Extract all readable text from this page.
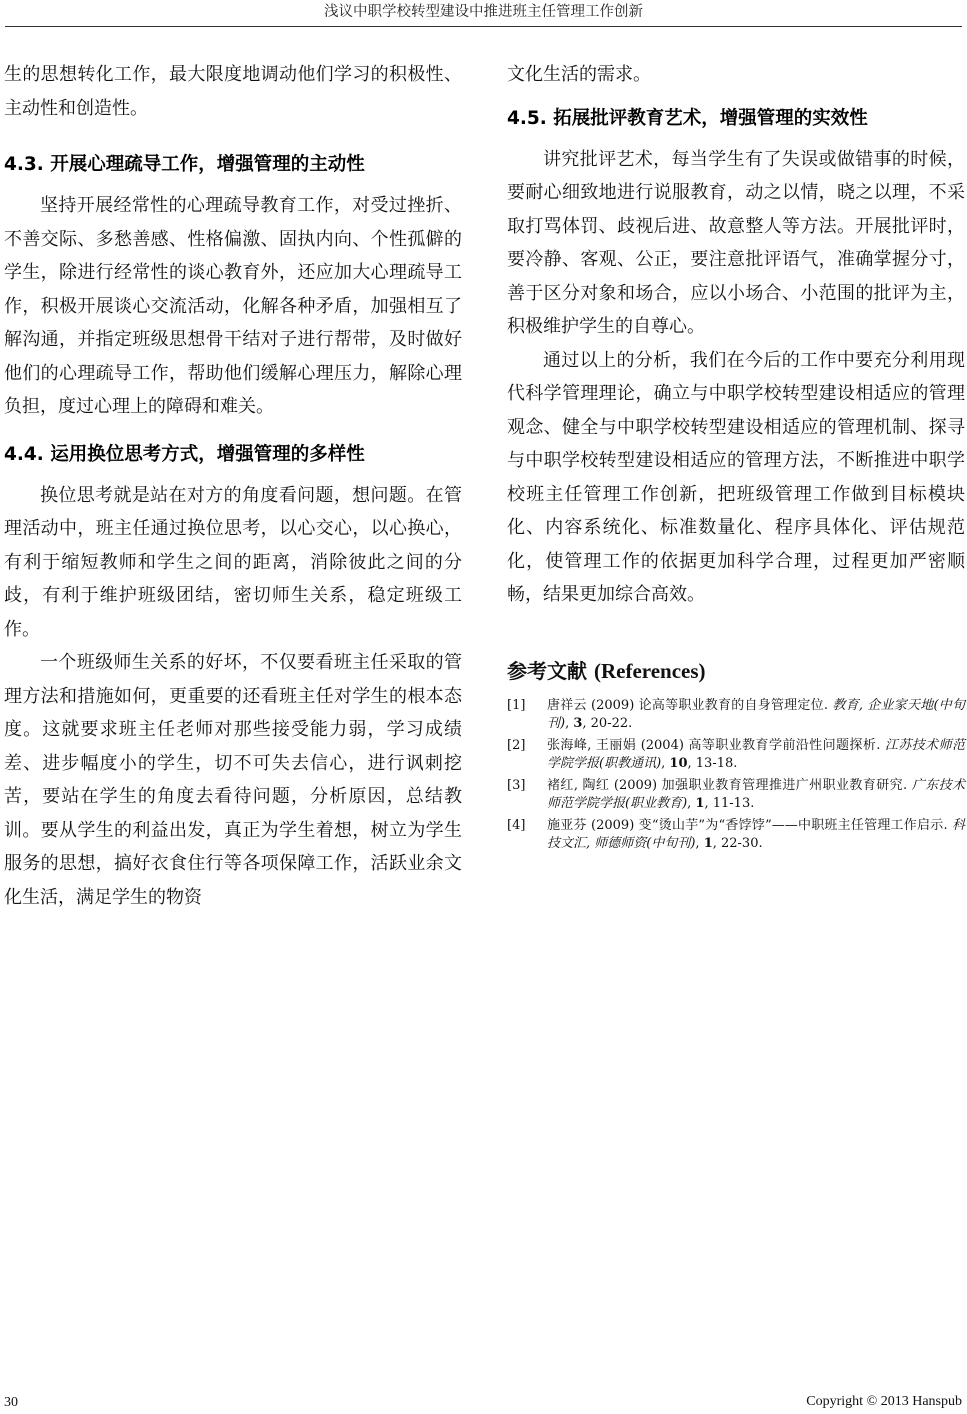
浅议中职学校转型建设中推进班主任管理工作创新

生的思想转化工作，最大限度地调动他们学习的积极性、主动性和创造性。

4.3. 开展心理疏导工作，增强管理的主动性

坚持开展经常性的心理疏导教育工作，对受过挫折、不善交际、多愁善感、性格偏激、固执内向、个性孤僻的学生，除进行经常性的谈心教育外，还应加大心理疏导工作，积极开展谈心交流活动，化解各种矛盾，加强相互了解沟通，并指定班级思想骨干结对子进行帮带，及时做好他们的心理疏导工作，帮助他们缓解心理压力，解除心理负担，度过心理上的障碍和难关。

4.4. 运用换位思考方式，增强管理的多样性

换位思考就是站在对方的角度看问题，想问题。在管理活动中，班主任通过换位思考，以心交心，以心换心，有利于缩短教师和学生之间的距离，消除彼此之间的分歧，有利于维护班级团结，密切师生关系，稳定班级工作。

一个班级师生关系的好坏，不仅要看班主任采取的管理方法和措施如何，更重要的还看班主任对学生的根本态度。这就要求班主任老师对那些接受能力弱，学习成绩差、进步幅度小的学生，切不可失去信心，进行讽刺挖苦，要站在学生的角度去看待问题，分析原因，总结教训。要从学生的利益出发，真正为学生着想，树立为学生服务的思想，搞好衣食住行等各项保障工作，活跃业余文化生活，满足学生的物资

文化生活的需求。

4.5. 拓展批评教育艺术，增强管理的实效性

讲究批评艺术，每当学生有了失误或做错事的时候，要耐心细致地进行说服教育，动之以情，晓之以理，不采取打骂体罚、歧视后进、故意整人等方法。开展批评时，要冷静、客观、公正，要注意批评语气，准确掌握分寸，善于区分对象和场合，应以小场合、小范围的批评为主，积极维护学生的自尊心。

通过以上的分析，我们在今后的工作中要充分利用现代科学管理理论，确立与中职学校转型建设相适应的管理观念、健全与中职学校转型建设相适应的管理机制、探寻与中职学校转型建设相适应的管理方法，不断推进中职学校班主任管理工作创新，把班级管理工作做到目标模块化、内容系统化、标准数量化、程序具体化、评估规范化，使管理工作的依据更加科学合理，过程更加严密顺畅，结果更加综合高效。

参考文献 (References)
[1]	唐祥云 (2009) 论高等职业教育的自身管理定位. 教育, 企业家天地(中旬刊), 3, 20-22.
[2]	张海峰, 王丽娟 (2004) 高等职业教育学前沿性问题探析. 江苏技术师范学院学报(职教通讯), 10, 13-18.
[3]	褚红, 陶红 (2009) 加强职业教育管理推进广州职业教育研究. 广东技术师范学院学报(职业教育), 1, 11-13.
[4]	施亚芬 (2009) 变“烫山芋”为“香饽饽”——中职班主任管理工作启示. 科技文汇, 师德师资(中旬刊), 1, 22-30.
30	Copyright © 2013 Hanspub
